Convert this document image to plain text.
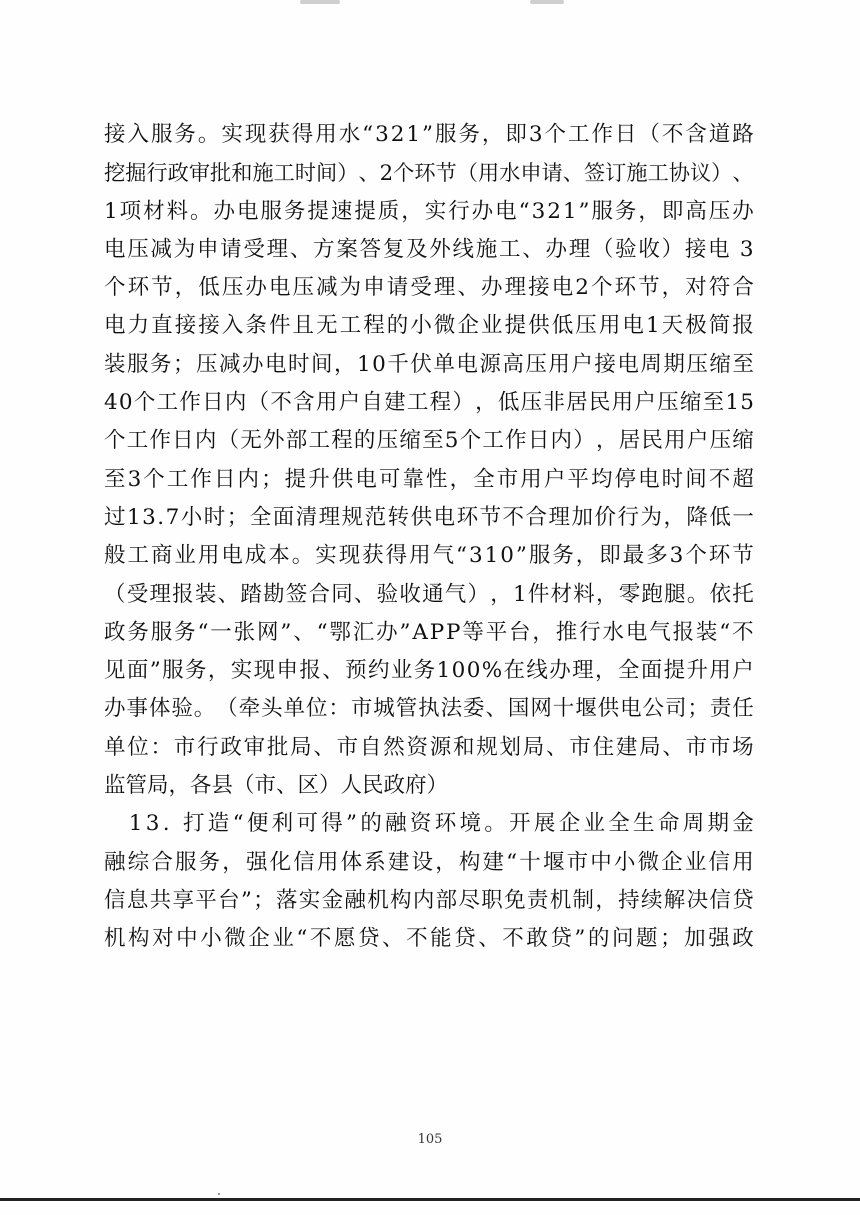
接 入 服 务 。 实 现 获 得 用 水 “ 3 2 1 ” 服 务 ， 即 3 个 工 作 日 （ 不 含 道 路
挖 掘 行 政 审 批 和 施 工 时 间 ） 、 2 个 环 节 （ 用 水 申 请 、 签 订 施 工 协 议 ） 、
1 项 材 料 。 办 电 服 务 提 速 提 质 ， 实 行 办 电 “ 3 2 1 ” 服 务 ， 即 高 压 办
电 压 减 为 申 请 受 理 、 方 案 答 复 及 外 线 施 工 、 办 理 （ 验 收 ） 接 电
3
个 环 节 ， 低 压 办 电 压 减 为 申 请 受 理 、 办 理 接 电 2 个 环 节 ， 对 符 合
电 力 直 接 接 入 条 件 且 无 工 程 的 小 微 企 业 提 供 低 压 用 电 1 天 极 简 报
装 服 务 ； 压 减 办 电 时 间 ， 1 0 千 伏 单 电 源 高 压 用 户 接 电 周 期 压 缩 至
4 0 个 工 作 日 内 （ 不 含 用 户 自 建 工 程 ） ， 低 压 非 居 民 用 户 压 缩 至 1 5
个 工 作 日 内 （ 无 外 部 工 程 的 压 缩 至 5 个 工 作 日 内 ） ， 居 民 用 户 压 缩
至 3 个 工 作 日 内 ； 提 升 供 电 可 靠 性 ， 全 市 用 户 平 均 停 电 时 间 不 超
过 1 3 . 7 小 时 ； 全 面 清 理 规 范 转 供 电 环 节 不 合 理 加 价 行 为 ， 降 低 一
般 工 商 业 用 电 成 本 。 实 现 获 得 用 气 “ 3 1 0 ” 服 务 ， 即 最 多 3 个 环 节
（ 受 理 报 装 、 踏 勘 签 合 同 、 验 收 通 气 ） ， 1 件 材 料 ， 零 跑 腿 。 依 托
政 务 服 务 “ 一 张 网 ” 、 “ 鄂 汇 办 ” A P P 等 平 台 ， 推 行 水 电 气 报 装 “ 不
见 面 ” 服 务 ， 实 现 申 报 、 预 约 业 务 1 0 0 % 在 线 办 理 ， 全 面 提 升 用 户
办 事 体 验 。 （ 牵 头 单 位 ： 市 城 管 执 法 委 、 国 网 十 堰 供 电 公 司 ； 责 任
单 位 ： 市 行 政 审 批 局 、 市 自 然 资 源 和 规 划 局 、 市 住 建 局 、 市 市 场
监管局，各县（市、区）人民政府）

1 3 .
打 造 “ 便 利 可 得 ” 的 融 资 环 境 。 开 展 企 业 全 生 命 周 期 金
融 综 合 服 务 ， 强 化 信 用 体 系 建 设 ， 构 建 “ 十 堰 市 中 小 微 企 业 信 用
信 息 共 享 平 台 ” ； 落 实 金 融 机 构 内 部 尽 职 免 责 机 制 ， 持 续 解 决 信 贷
机 构 对 中 小 微 企 业 “ 不 愿 贷 、 不 能 贷 、 不 敢 贷 ” 的 问 题 ； 加 强 政
105
